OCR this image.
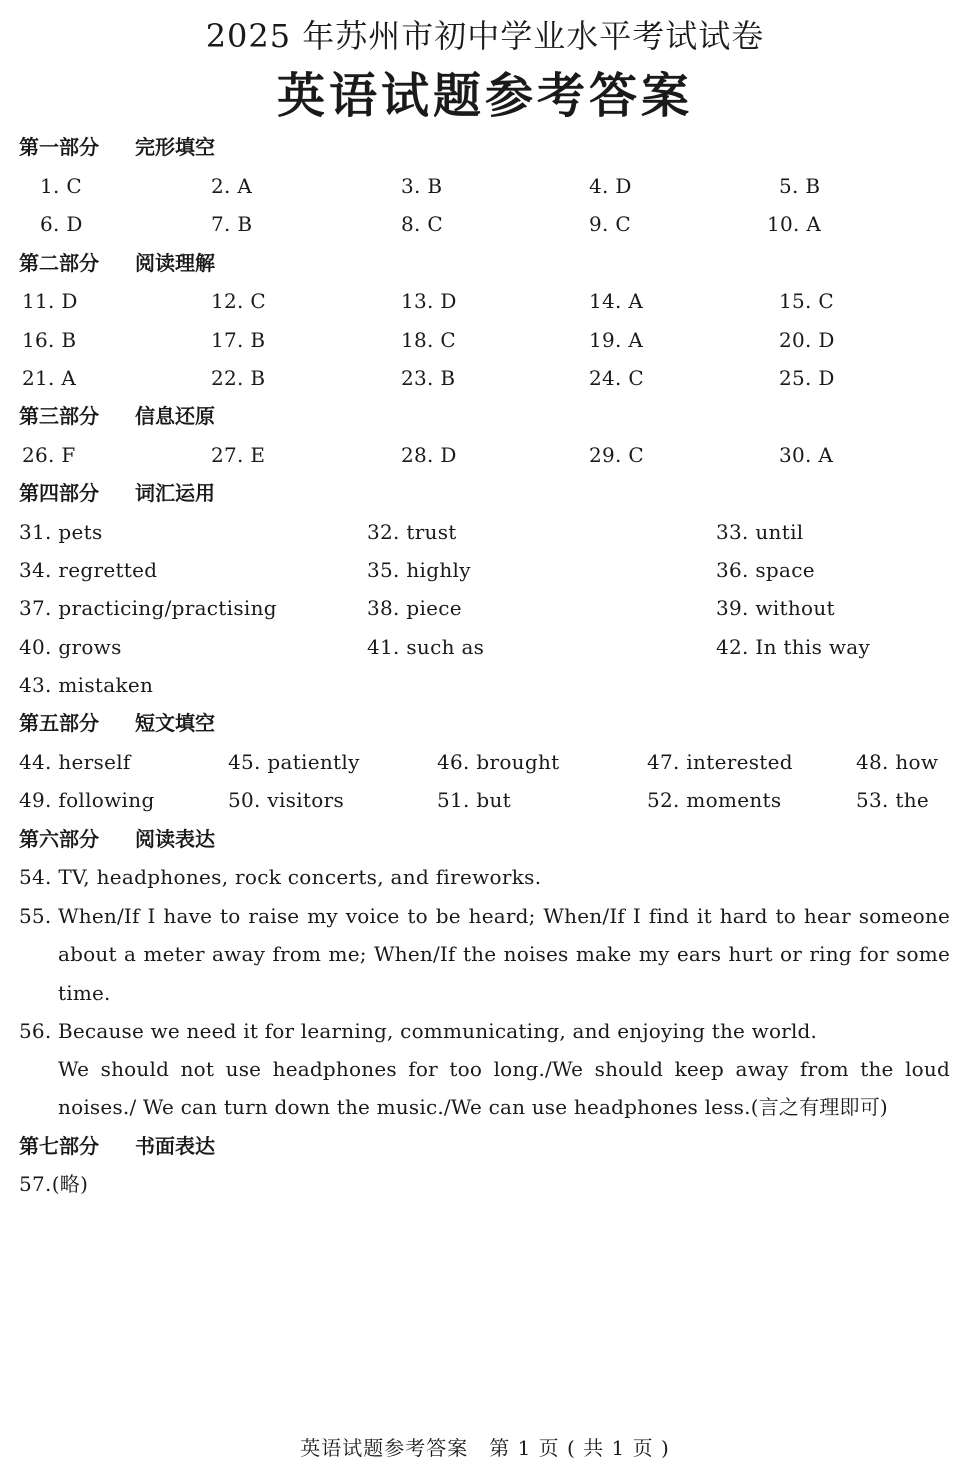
2025 年苏州市初中学业水平考试试卷
英语试题参考答案
第一部分 完形填空
1. C	2. A	3. B	4. D	5. B
6. D	7. B	8. C	9. C	10. A
第二部分 阅读理解
11. D	12. C	13. D	14. A	15. C
16. B	17. B	18. C	19. A	20. D
21. A	22. B	23. B	24. C	25. D
第三部分 信息还原
26. F	27. E	28. D	29. C	30. A
第四部分 词汇运用
31. pets	32. trust	33. until
34. regretted	35. highly	36. space
37. practicing/practising	38. piece	39. without
40. grows	41. such as	42. In this way
43. mistaken
第五部分 短文填空
44. herself	45. patiently	46. brought	47. interested	48. how
49. following	50. visitors	51. but	52. moments	53. the
第六部分 阅读表达
54. TV, headphones, rock concerts, and fireworks.
55. When/If I have to raise my voice to be heard; When/If I find it hard to hear someone about a meter away from me; When/If the noises make my ears hurt or ring for some time.
56. Because we need it for learning, communicating, and enjoying the world.
We should not use headphones for too long./We should keep away from the loud noises./ We can turn down the music./We can use headphones less.(言之有理即可)
第七部分 书面表达
57.(略)
英语试题参考答案　第 1 页 ( 共 1 页 )
